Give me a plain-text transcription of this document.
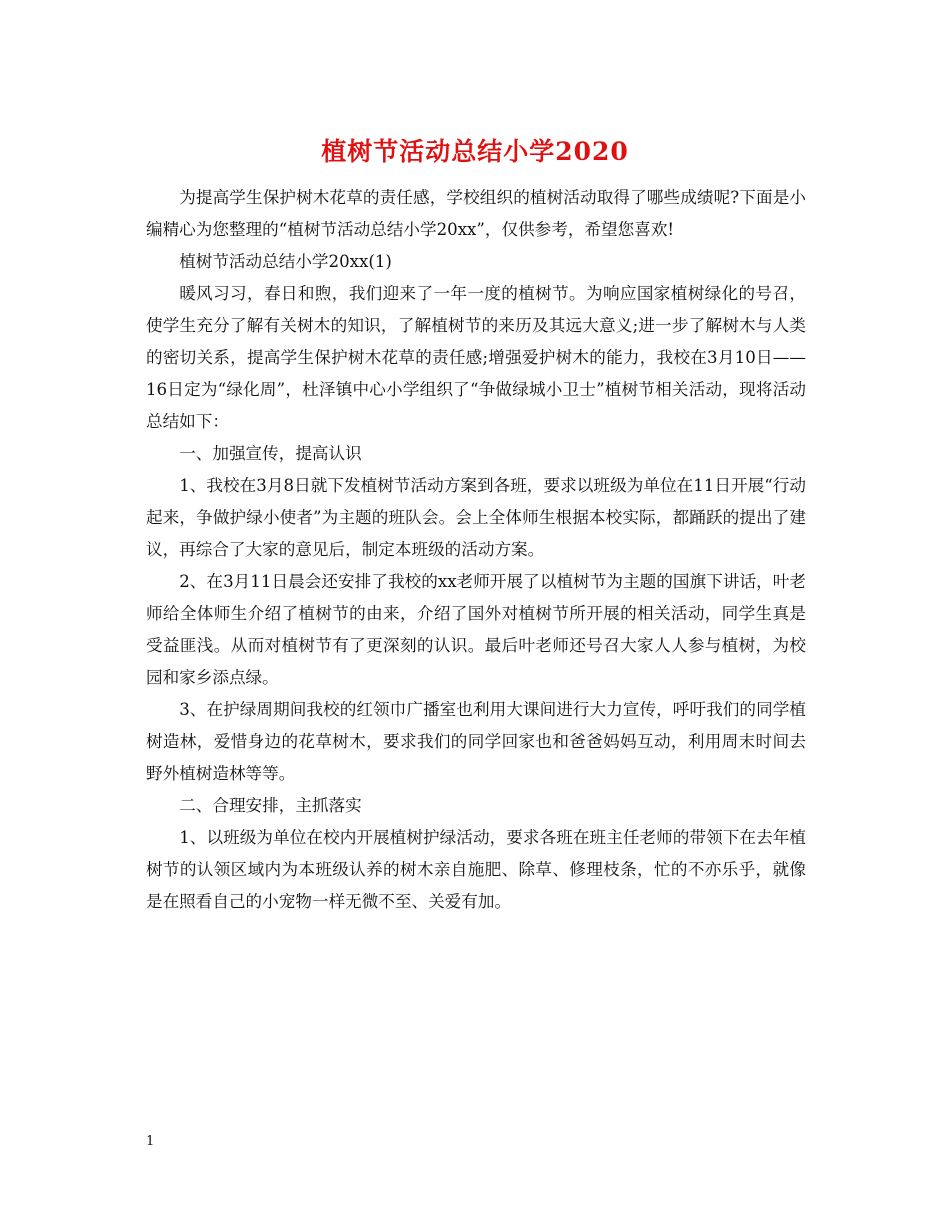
植树节活动总结小学2020

为提高学生保护树木花草的责任感，学校组织的植树活动取得了哪些成绩呢?下面是小编精心为您整理的“植树节活动总结小学20xx”，仅供参考，希望您喜欢!

植树节活动总结小学20xx(1)

暖风习习，春日和煦，我们迎来了一年一度的植树节。为响应国家植树绿化的号召，使学生充分了解有关树木的知识，了解植树节的来历及其远大意义;进一步了解树木与人类的密切关系，提高学生保护树木花草的责任感;增强爱护树木的能力，我校在3月10日——16日定为“绿化周”，杜泽镇中心小学组织了“争做绿城小卫士”植树节相关活动，现将活动总结如下：

一、加强宣传，提高认识

1、我校在3月8日就下发植树节活动方案到各班，要求以班级为单位在11日开展“行动起来，争做护绿小使者”为主题的班队会。会上全体师生根据本校实际，都踊跃的提出了建议，再综合了大家的意见后，制定本班级的活动方案。

2、在3月11日晨会还安排了我校的xx老师开展了以植树节为主题的国旗下讲话，叶老师给全体师生介绍了植树节的由来，介绍了国外对植树节所开展的相关活动，同学生真是受益匪浅。从而对植树节有了更深刻的认识。最后叶老师还号召大家人人参与植树，为校园和家乡添点绿。

3、在护绿周期间我校的红领巾广播室也利用大课间进行大力宣传，呼吁我们的同学植树造林，爱惜身边的花草树木，要求我们的同学回家也和爸爸妈妈互动，利用周末时间去野外植树造林等等。

二、合理安排，主抓落实

1、以班级为单位在校内开展植树护绿活动，要求各班在班主任老师的带领下在去年植树节的认领区域内为本班级认养的树木亲自施肥、除草、修理枝条，忙的不亦乐乎，就像是在照看自己的小宠物一样无微不至、关爱有加。

1
